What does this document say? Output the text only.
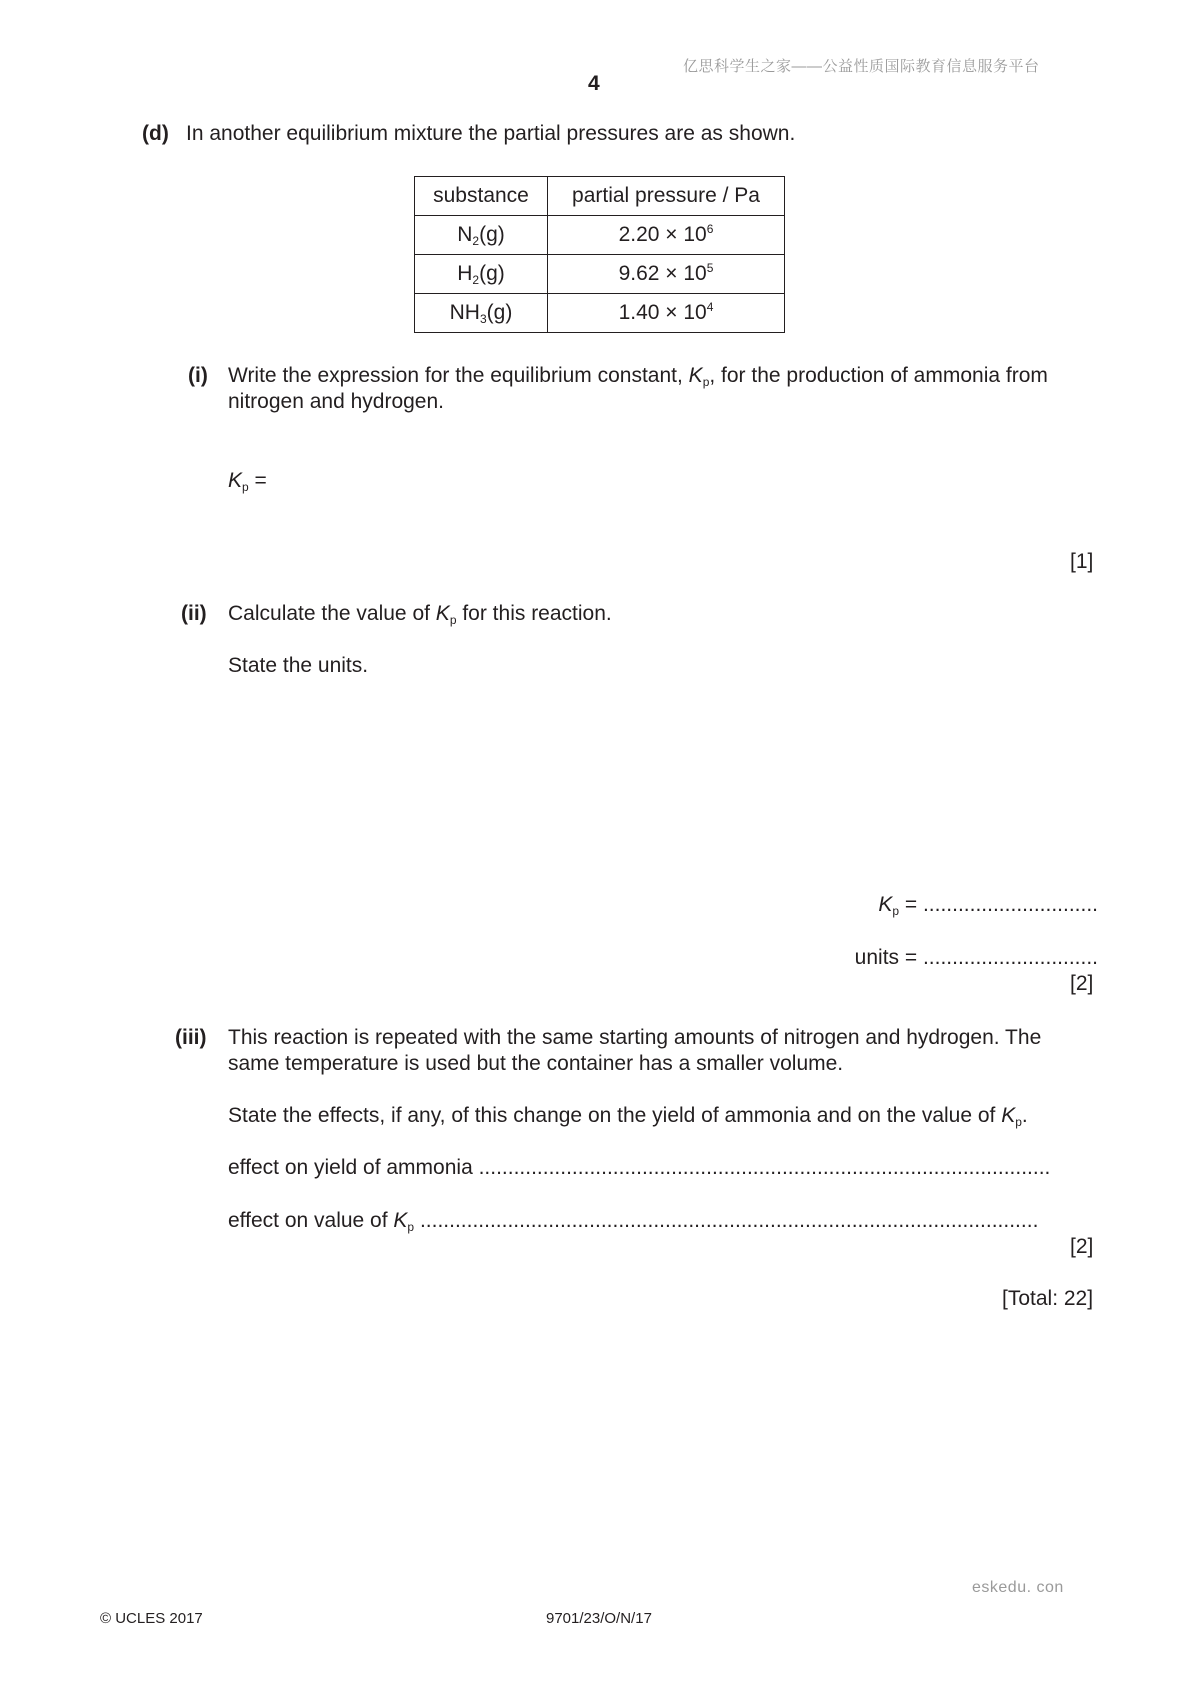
亿思科学生之家——公益性质国际教育信息服务平台
4
(d) In another equilibrium mixture the partial pressures are as shown.
substance	partial pressure / Pa
$N_2(g)$	$2.20 \times 10^6$
$H_2(g)$	$9.62 \times 10^5$
$NH_3(g)$	$1.40 \times 10^4$
(i) Write the expression for the equilibrium constant, $K_p$, for the production of ammonia from
nitrogen and hydrogen.
$K_p$ =
[1]
(ii) Calculate the value of $K_p$ for this reaction.
State the units.
$K_p$ = ..............................
units = ..............................
[2]
(iii) This reaction is repeated with the same starting amounts of nitrogen and hydrogen. The
same temperature is used but the container has a smaller volume.
State the effects, if any, of this change on the yield of ammonia and on the value of $K_p$.
effect on yield of ammonia ..................................................................................................
effect on value of $K_p$ ..........................................................................................................
[2]
[Total: 22]
eskedu. con
© UCLES 2017	9701/23/O/N/17
